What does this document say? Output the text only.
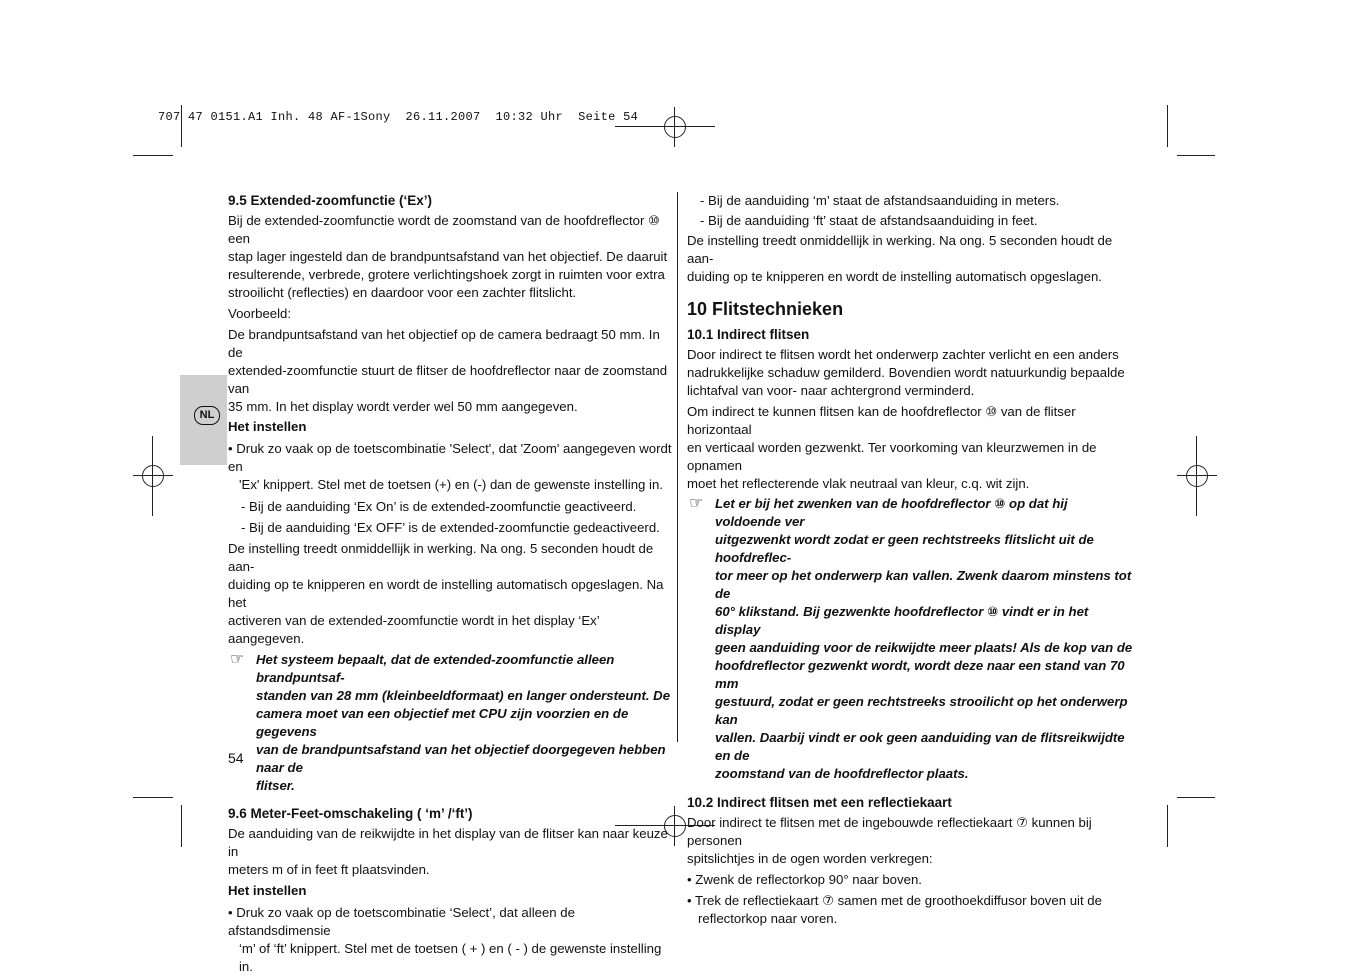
707 47 0151.A1 Inh. 48 AF-1Sony  26.11.2007  10:32 Uhr  Seite 54
NL

9.5 Extended-zoomfunctie (‘Ex’)

Bij de extended-zoomfunctie wordt de zoomstand van de hoofdreflector ⑩ een

stap lager ingesteld dan de brandpuntsafstand van het objectief. De daaruit

resulterende, verbrede, grotere verlichtingshoek zorgt in ruimten voor extra

strooilicht (reflecties) en daardoor voor een zachter flitslicht.

Voorbeeld:

De brandpuntsafstand van het objectief op de camera bedraagt 50 mm. In de

extended-zoomfunctie stuurt de flitser de hoofdreflector naar de zoomstand van

35 mm. In het display wordt verder wel 50 mm aangegeven.

Het instellen

• Druk zo vaak op de toetscombinatie 'Select', dat 'Zoom' aangegeven wordt en

'Ex' knippert. Stel met de toetsen (+) en (-) dan de gewenste instelling in.

- Bij de aanduiding ‘Ex On’ is de extended-zoomfunctie geactiveerd.

- Bij de aanduiding ‘Ex OFF’ is de extended-zoomfunctie gedeactiveerd.

De instelling treedt onmiddellijk in werking. Na ong. 5 seconden houdt de aan-

duiding op te knipperen en wordt de instelling automatisch opgeslagen. Na het

activeren van de extended-zoomfunctie wordt in het display ‘Ex’ aangegeven.

☞ Het systeem bepaalt, dat de extended-zoomfunctie alleen brandpuntsaf-

standen van 28 mm (kleinbeeldformaat) en langer ondersteunt. De

camera moet van een objectief met CPU zijn voorzien en de gegevens

van de brandpuntsafstand van het objectief doorgegeven hebben naar de

flitser.

9.6 Meter-Feet-omschakeling ( ‘m’ /‘ft’)

De aanduiding van de reikwijdte in het display van de flitser kan naar keuze in

meters m of in feet ft plaatsvinden.

Het instellen

• Druk zo vaak op de toetscombinatie ‘Select’, dat alleen de afstandsdimensie

‘m’ of ‘ft’ knippert. Stel met de toetsen ( + ) en ( - ) de gewenste instelling in.

54

- Bij de aanduiding ‘m’ staat de afstandsaanduiding in meters.

- Bij de aanduiding ‘ft’ staat de afstandsaanduiding in feet.

De instelling treedt onmiddellijk in werking. Na ong. 5 seconden houdt de aan-

duiding op te knipperen en wordt de instelling automatisch opgeslagen.

10 Flitstechnieken

10.1 Indirect flitsen

Door indirect te flitsen wordt het onderwerp zachter verlicht en een anders

nadrukkelijke schaduw gemilderd. Bovendien wordt natuurkundig bepaalde

lichtafval van voor- naar achtergrond verminderd.

Om indirect te kunnen flitsen kan de hoofdreflector ⑩ van de flitser horizontaal

en verticaal worden gezwenkt. Ter voorkoming van kleurzwemen in de opnamen

moet het reflecterende vlak neutraal van kleur, c.q. wit zijn.

☞ Let er bij het zwenken van de hoofdreflector ⑩ op dat hij voldoende ver

uitgezwenkt wordt zodat er geen rechtstreeks flitslicht uit de hoofdreflec-

tor meer op het onderwerp kan vallen. Zwenk daarom minstens tot de

60° klikstand. Bij gezwenkte hoofdreflector ⑩ vindt er in het display

geen aanduiding voor de reikwijdte meer plaats! Als de kop van de

hoofdreflector gezwenkt wordt, wordt deze naar een stand van 70 mm

gestuurd, zodat er geen rechtstreeks strooilicht op het onderwerp kan

vallen. Daarbij vindt er ook geen aanduiding van de flitsreikwijdte en de

zoomstand van de hoofdreflector plaats.

10.2 Indirect flitsen met een reflectiekaart

Door indirect te flitsen met de ingebouwde reflectiekaart ⑦ kunnen bij personen

spitslichtjes in de ogen worden verkregen:

• Zwenk de reflectorkop 90° naar boven.

• Trek de reflectiekaart ⑦ samen met de groothoekdiffusor boven uit de

reflectorkop naar voren.
